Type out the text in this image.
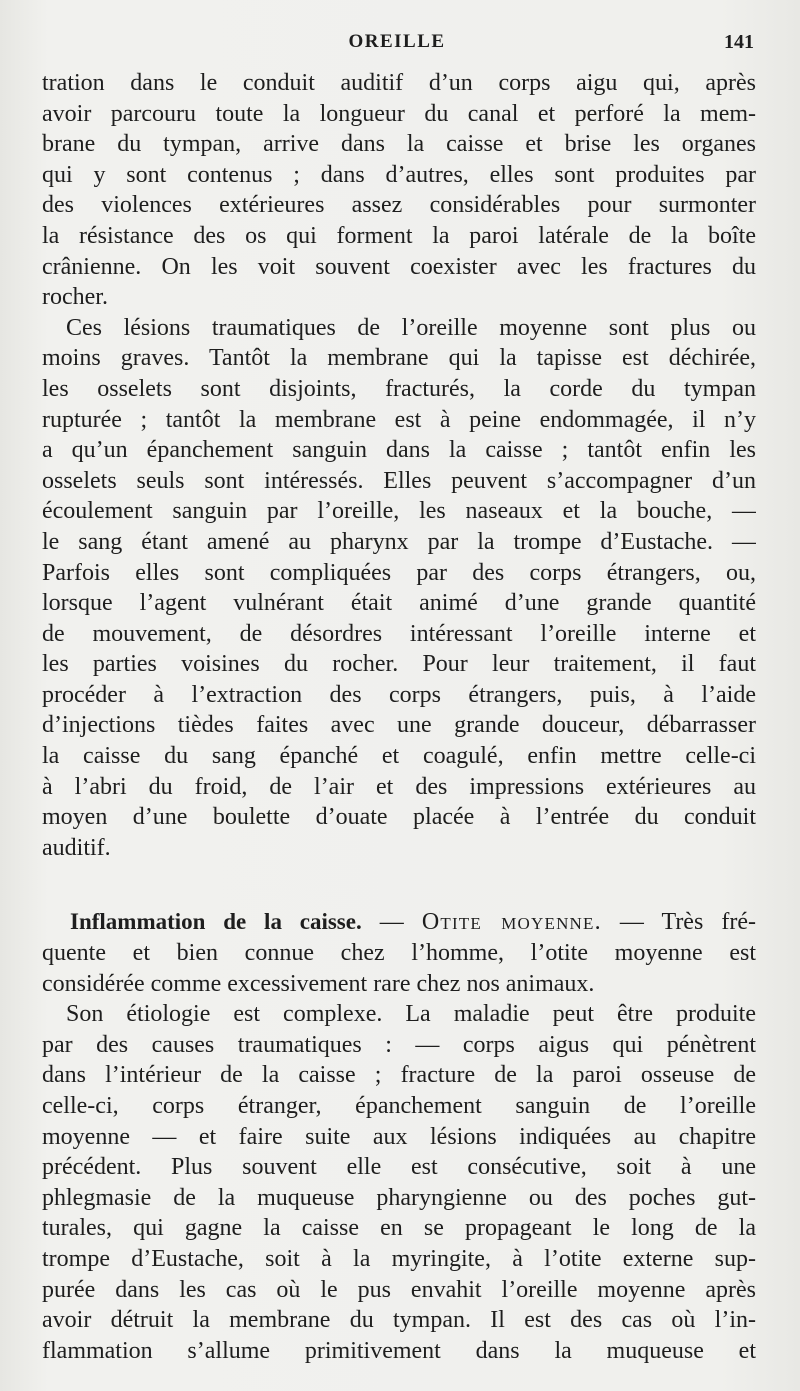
OREILLE	141
tration dans le conduit auditif d’un corps aigu qui, après
avoir parcouru toute la longueur du canal et perforé la mem-
brane du tympan, arrive dans la caisse et brise les organes
qui y sont contenus ; dans d’autres, elles sont produites par
des violences extérieures assez considérables pour surmonter
la résistance des os qui forment la paroi latérale de la boîte
crânienne. On les voit souvent coexister avec les fractures du
rocher.
Ces lésions traumatiques de l’oreille moyenne sont plus ou
moins graves. Tantôt la membrane qui la tapisse est déchirée,
les osselets sont disjoints, fracturés, la corde du tympan
rupturée ; tantôt la membrane est à peine endommagée, il n’y
a qu’un épanchement sanguin dans la caisse ; tantôt enfin les
osselets seuls sont intéressés. Elles peuvent s’accompagner d’un
écoulement sanguin par l’oreille, les naseaux et la bouche, —
le sang étant amené au pharynx par la trompe d’Eustache. —
Parfois elles sont compliquées par des corps étrangers, ou,
lorsque l’agent vulnérant était animé d’une grande quantité
de mouvement, de désordres intéressant l’oreille interne et
les parties voisines du rocher. Pour leur traitement, il faut
procéder à l’extraction des corps étrangers, puis, à l’aide
d’injections tièdes faites avec une grande douceur, débarrasser
la caisse du sang épanché et coagulé, enfin mettre celle-ci
à l’abri du froid, de l’air et des impressions extérieures au
moyen d’une boulette d’ouate placée à l’entrée du conduit
auditif.
Inflammation de la caisse. — Otite moyenne. — Très fré-
quente et bien connue chez l’homme, l’otite moyenne est
considérée comme excessivement rare chez nos animaux.
Son étiologie est complexe. La maladie peut être produite
par des causes traumatiques : — corps aigus qui pénètrent
dans l’intérieur de la caisse ; fracture de la paroi osseuse de
celle-ci, corps étranger, épanchement sanguin de l’oreille
moyenne — et faire suite aux lésions indiquées au chapitre
précédent. Plus souvent elle est consécutive, soit à une
phlegmasie de la muqueuse pharyngienne ou des poches gut-
turales, qui gagne la caisse en se propageant le long de la
trompe d’Eustache, soit à la myringite, à l’otite externe sup-
purée dans les cas où le pus envahit l’oreille moyenne après
avoir détruit la membrane du tympan. Il est des cas où l’in-
flammation s’allume primitivement dans la muqueuse et
